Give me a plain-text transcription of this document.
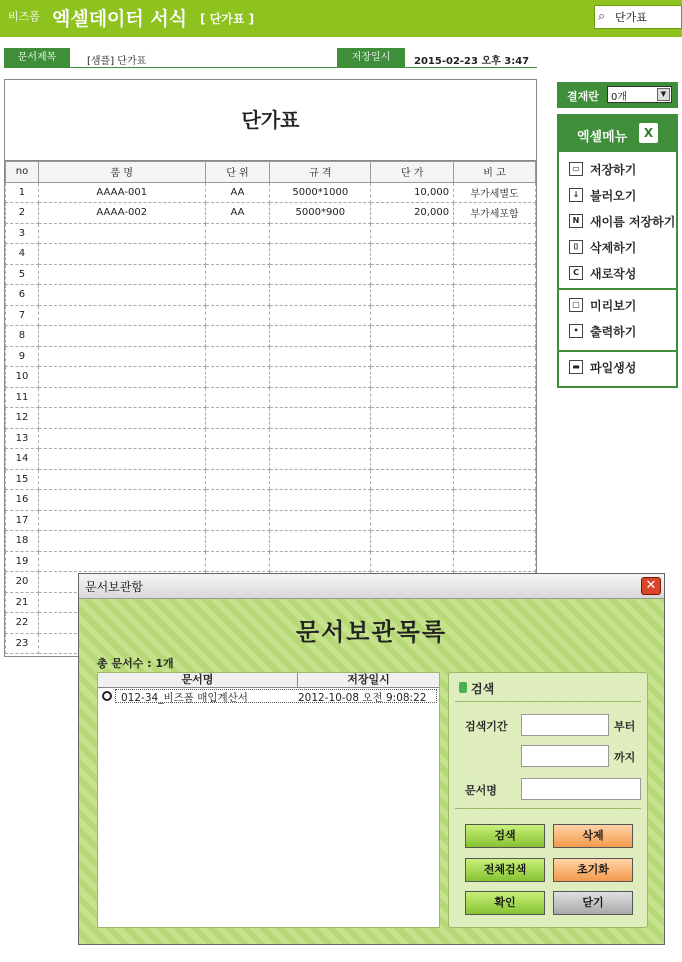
비즈폼 엑셀데이터 서식 [ 단가표 ]	⌕
단가표
문서제목	[샘플] 단가표	저장일시	2015-02-23 오후 3:47
단가표
no	품 명	단 위	규 격	단 가	비 고
1	AAAA-001	AA	5000*1000	10,000	부가세별도
2	AAAA-002	AA	5000*900	20,000	부가세포함
3					
4					
5					
6					
7					
8					
9					
10					
11					
12					
13					
14					
15					
16					
17					
18					
19					
20					
21					
22					
23					
결재란 0개	▼
엑셀메뉴	X
▭ 저장하기
↓ 불러오기
N 새이름 저장하기
⌷ 삭제하기
C 새로작성
▢ 미리보기
• 출력하기
▬ 파일생성
문서보관함	✕
문서보관목록
총 문서수 : 1개
문서명	저장일시
012-34_비즈폼 매입계산서	2012-10-08 오전 9:08:22
검색
검색기간	부터
까지
문서명
검색	삭제
전체검색	초기화
확인	닫기
